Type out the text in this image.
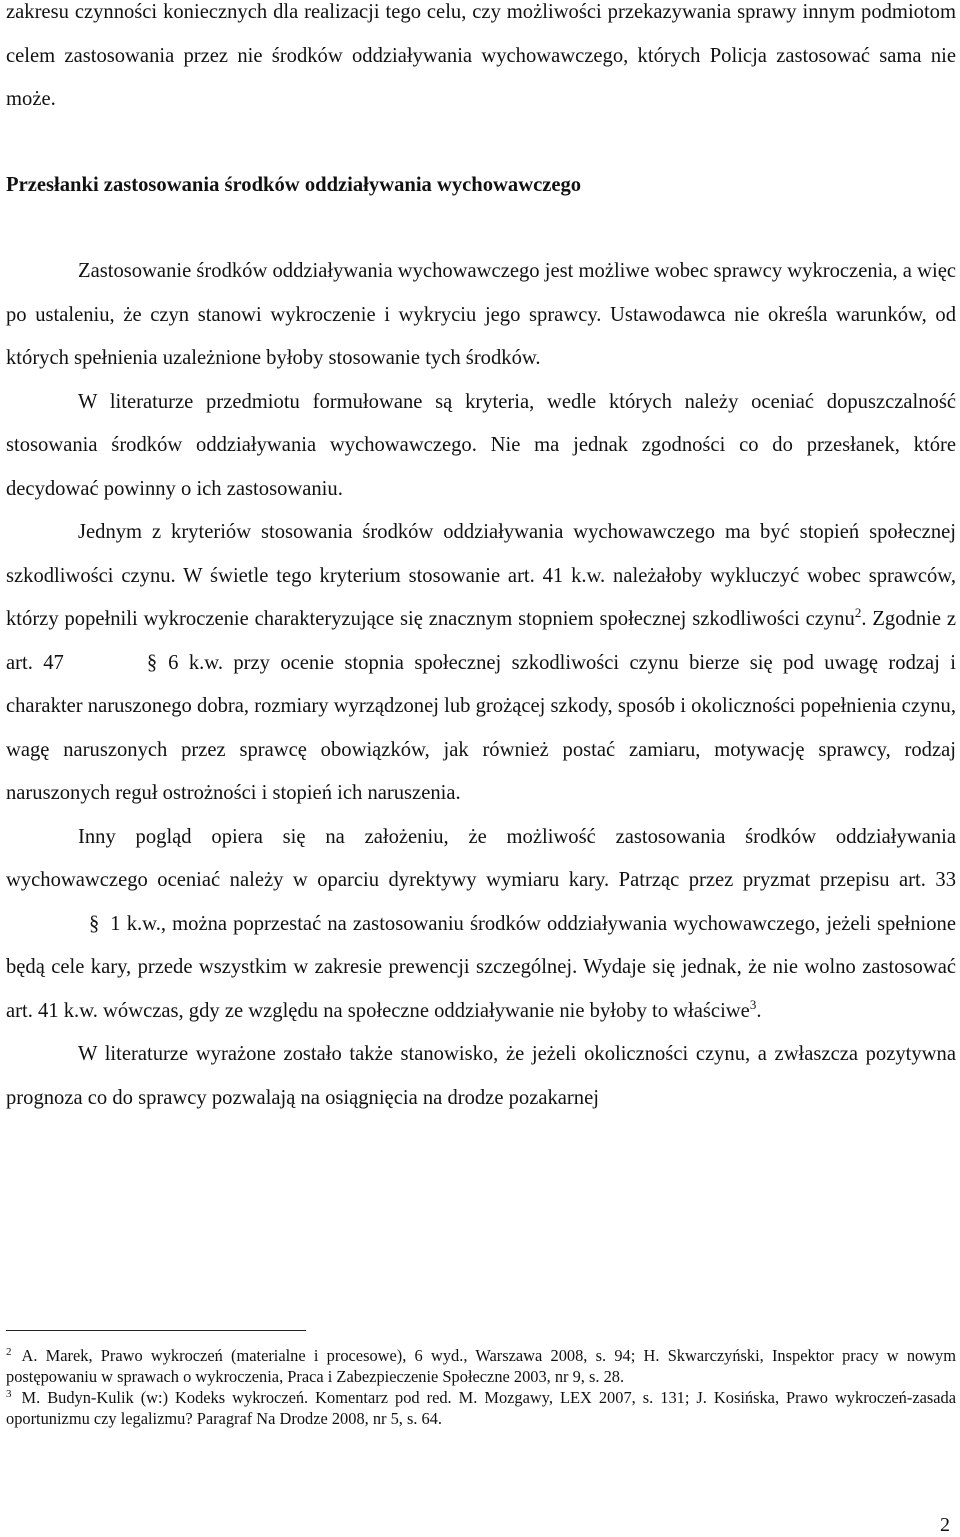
zakresu czynności koniecznych dla realizacji tego celu, czy możliwości przekazywania sprawy innym podmiotom celem zastosowania przez nie środków oddziaływania wychowawczego, których Policja zastosować sama nie może.

Przesłanki zastosowania środków oddziaływania wychowawczego

Zastosowanie środków oddziaływania wychowawczego jest możliwe wobec sprawcy wykroczenia, a więc po ustaleniu, że czyn stanowi wykroczenie i wykryciu jego sprawcy. Ustawodawca nie określa warunków, od których spełnienia uzależnione byłoby stosowanie tych środków.

W literaturze przedmiotu formułowane są kryteria, wedle których należy oceniać dopuszczalność stosowania środków oddziaływania wychowawczego. Nie ma jednak zgodności co do przesłanek, które decydować powinny o ich zastosowaniu.

Jednym z kryteriów stosowania środków oddziaływania wychowawczego ma być stopień społecznej szkodliwości czynu. W świetle tego kryterium stosowanie art. 41 k.w. należałoby wykluczyć wobec sprawców, którzy popełnili wykroczenie charakteryzujące się znacznym stopniem społecznej szkodliwości czynu$^2$. Zgodnie z art. 47	§ 6 k.w. przy ocenie stopnia społecznej szkodliwości czynu bierze się pod uwagę rodzaj i charakter naruszonego dobra, rozmiary wyrządzonej lub grożącej szkody, sposób i okoliczności popełnienia czynu, wagę naruszonych przez sprawcę obowiązków, jak również postać zamiaru, motywację sprawcy, rodzaj naruszonych reguł ostrożności i stopień ich naruszenia.

Inny pogląd opiera się na założeniu, że możliwość zastosowania środków oddziaływania wychowawczego oceniać należy w oparciu dyrektywy wymiaru kary. Patrząc przez pryzmat przepisu art. 33§ 1 k.w., można poprzestać na zastosowaniu środków oddziaływania wychowawczego, jeżeli spełnione będą cele kary, przede wszystkim w zakresie prewencji szczególnej. Wydaje się jednak, że nie wolno zastosować art. 41 k.w. wówczas, gdy ze względu na społeczne oddziaływanie nie byłoby to właściwe$^3$.

W literaturze wyrażone zostało także stanowisko, że jeżeli okoliczności czynu, a zwłaszcza pozytywna prognoza co do sprawcy pozwalają na osiągnięcia na drodze pozakarnej

$^2$ A. Marek, Prawo wykroczeń (materialne i procesowe), 6 wyd., Warszawa 2008, s. 94; H. Skwarczyński, Inspektor pracy w nowym postępowaniu w sprawach o wykroczenia, Praca i Zabezpieczenie Społeczne 2003, nr 9, s. 28.

$^3$ M. Budyn-Kulik (w:) Kodeks wykroczeń. Komentarz pod red. M. Mozgawy, LEX 2007, s. 131; J. Kosińska, Prawo wykroczeń-zasada oportunizmu czy legalizmu? Paragraf Na Drodze 2008, nr 5, s. 64.

2
